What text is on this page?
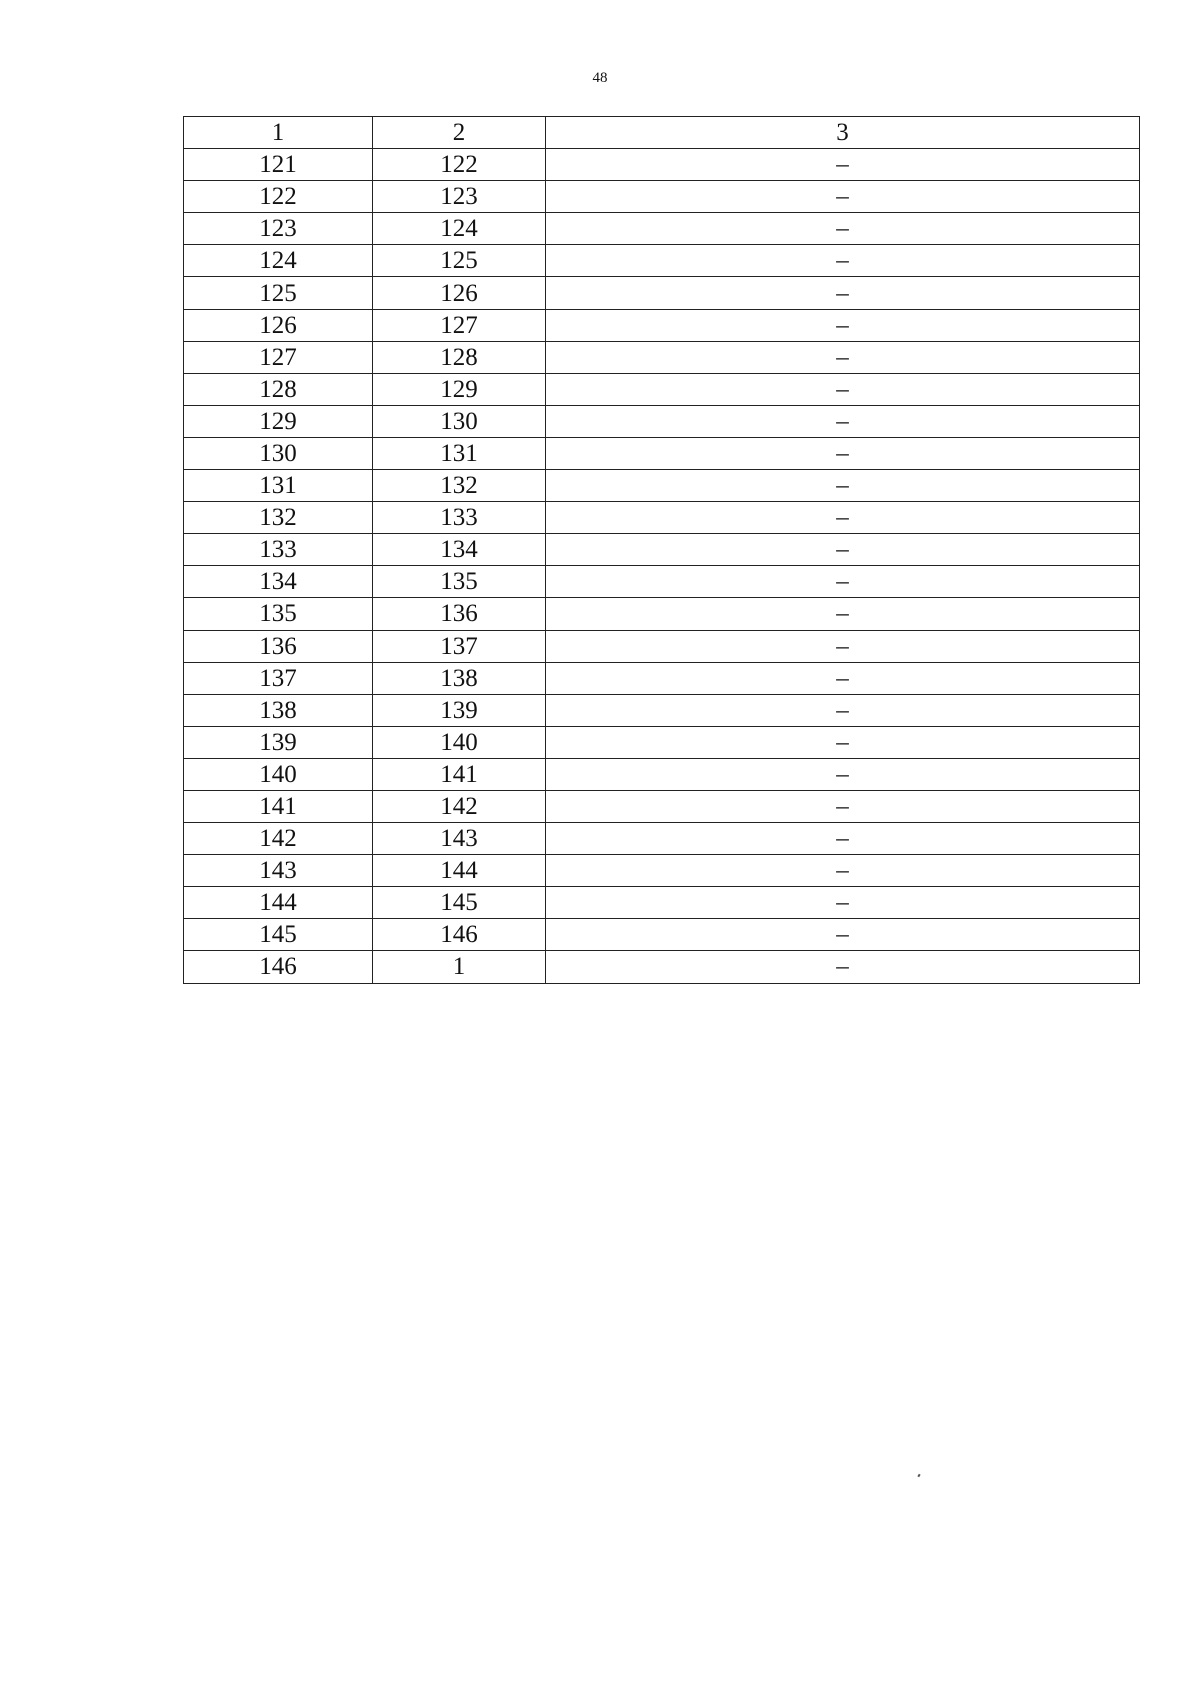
48
1	2	3
121	122	–
122	123	–
123	124	–
124	125	–
125	126	–
126	127	–
127	128	–
128	129	–
129	130	–
130	131	–
131	132	–
132	133	–
133	134	–
134	135	–
135	136	–
136	137	–
137	138	–
138	139	–
139	140	–
140	141	–
141	142	–
142	143	–
143	144	–
144	145	–
145	146	–
146	1	–
